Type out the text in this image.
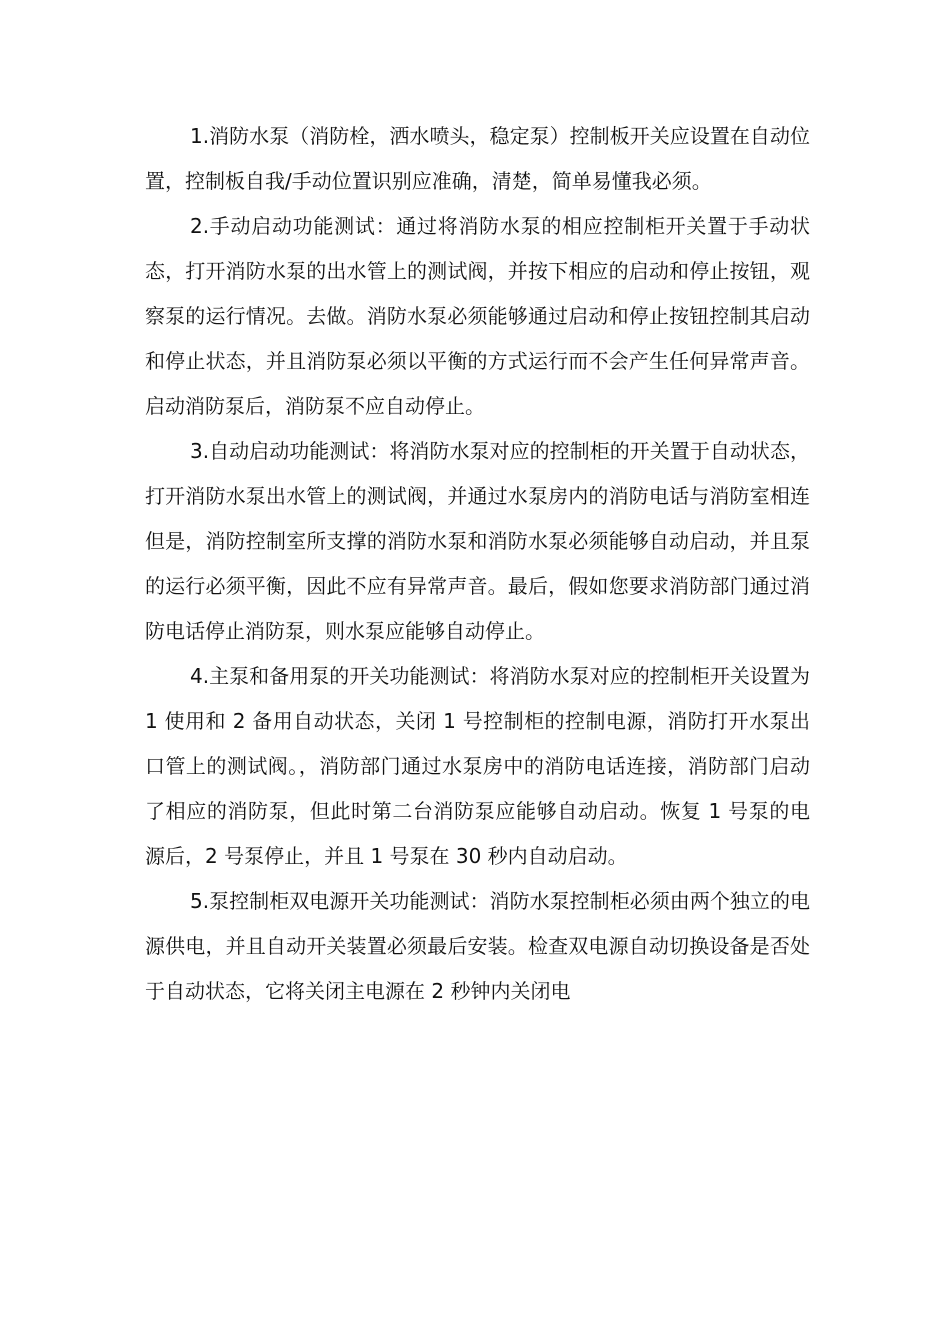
1.消防水泵（消防栓，洒水喷头，稳定泵）控制板开关应设置在自动位置，控制板自我/手动位置识别应准确，清楚，简单易懂我必须。

2.手动启动功能测试：通过将消防水泵的相应控制柜开关置于手动状态，打开消防水泵的出水管上的测试阀，并按下相应的启动和停止按钮，观察泵的运行情况。去做。消防水泵必须能够通过启动和停止按钮控制其启动和停止状态，并且消防泵必须以平衡的方式运行而不会产生任何异常声音。启动消防泵后，消防泵不应自动停止。

3.自动启动功能测试：将消防水泵对应的控制柜的开关置于自动状态，打开消防水泵出水管上的测试阀，并通过水泵房内的消防电话与消防室相连但是，消防控制室所支撑的消防水泵和消防水泵必须能够自动启动，并且泵的运行必须平衡，因此不应有异常声音。最后，假如您要求消防部门通过消防电话停止消防泵，则水泵应能够自动停止。

4.主泵和备用泵的开关功能测试：将消防水泵对应的控制柜开关设置为 1 使用和 2 备用自动状态，关闭 1 号控制柜的控制电源，消防打开水泵出口管上的测试阀。，消防部门通过水泵房中的消防电话连接，消防部门启动了相应的消防泵，但此时第二台消防泵应能够自动启动。恢复 1 号泵的电源后，2 号泵停止，并且 1 号泵在 30 秒内自动启动。

5.泵控制柜双电源开关功能测试：消防水泵控制柜必须由两个独立的电源供电，并且自动开关装置必须最后安装。检查双电源自动切换设备是否处于自动状态，它将关闭主电源在 2 秒钟内关闭电
